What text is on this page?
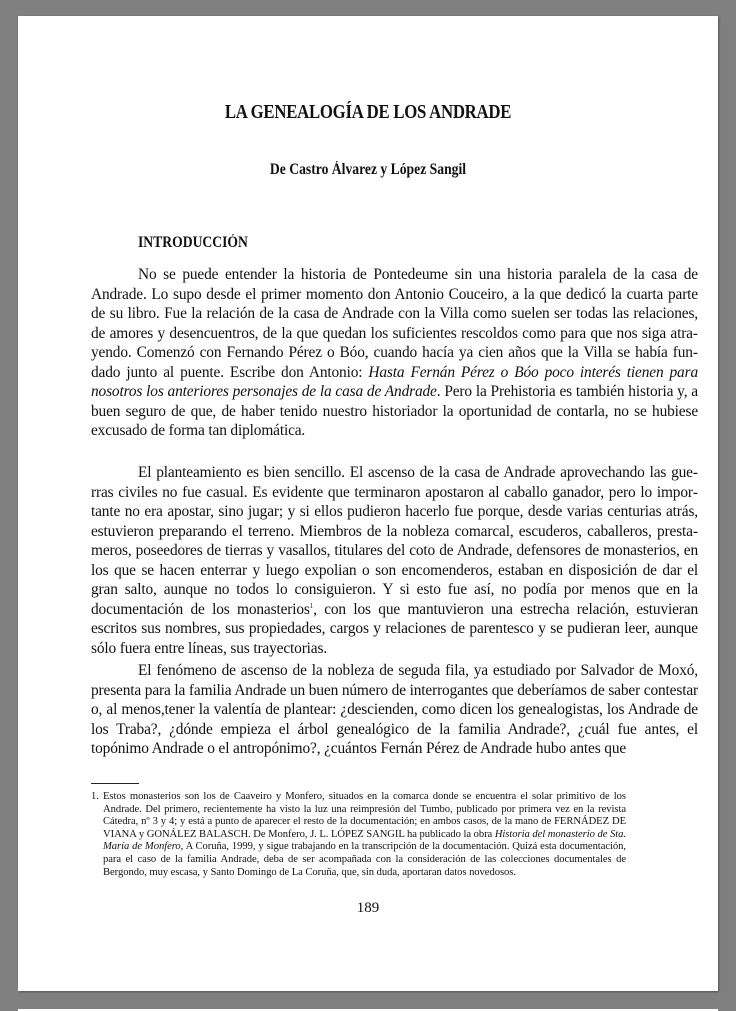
LA GENEALOGÍA DE LOS ANDRADE
De Castro Álvarez y López Sangil
INTRODUCCIÓN

No se puede entender la historia de Pontedeume sin una historia paralela de la casa de Andrade. Lo supo desde el primer momento don Antonio Couceiro, a la que dedicó la cuarta parte de su libro. Fue la relación de la casa de Andrade con la Villa como suelen ser todas las relaciones, de amores y desencuentros, de la que quedan los suficientes rescoldos como para que nos siga atrayendo. Comenzó con Fernando Pérez o Bóo, cuando hacía ya cien años que la Villa se había fundado junto al puente. Escribe don Antonio: Hasta Fernán Pérez o Bóo poco interés tienen para nosotros los anteriores personajes de la casa de Andrade. Pero la Prehistoria es también historia y, a buen seguro de que, de haber tenido nuestro historiador la oportunidad de contarla, no se hubiese excusado de forma tan diplomática.

El planteamiento es bien sencillo. El ascenso de la casa de Andrade aprovechando las guerras civiles no fue casual. Es evidente que terminaron apostaron al caballo ganador, pero lo importante no era apostar, sino jugar; y si ellos pudieron hacerlo fue porque, desde varias centurias atrás, estuvieron preparando el terreno. Miembros de la nobleza comarcal, escuderos, caballeros, prestameros, poseedores de tierras y vasallos, titulares del coto de Andrade, defensores de monasterios, en los que se hacen enterrar y luego expolian o son encomenderos, estaban en disposición de dar el gran salto, aunque no todos lo consiguieron. Y si esto fue así, no podía por menos que en la documentación de los monasterios$^1$, con los que mantuvieron una estrecha relación, estuvieran escritos sus nombres, sus propiedades, cargos y relaciones de parentesco y se pudieran leer, aunque sólo fuera entre líneas, sus trayectorias.

El fenómeno de ascenso de la nobleza de seguda fila, ya estudiado por Salvador de Moxó, presenta para la familia Andrade un buen número de interrogantes que deberíamos de saber contestar o, al menos,tener la valentía de plantear: ¿descienden, como dicen los genealogistas, los Andrade de los Traba?, ¿dónde empieza el árbol genealógico de la familia Andrade?, ¿cuál fue antes, el topónimo Andrade o el antropónimo?, ¿cuántos Fernán Pérez de Andrade hubo antes que

1. Estos monasterios son los de Caaveiro y Monfero, situados en la comarca donde se encuentra el solar primitivo de los Andrade. Del primero, recientemente ha visto la luz una reimpresión del Tumbo, publicado por primera vez en la revista Cátedra, nº 3 y 4; y está a punto de aparecer el resto de la documentación; en ambos casos, de la mano de FERNÁDEZ DE VIANA y GONÁLEZ BALASCH. De Monfero, J. L. LÓPEZ SANGIL ha publicado la obra Historia del monasterio de Sta. María de Monfero, A Coruña, 1999, y sigue trabajando en la transcripción de la documentación. Quizá esta documentación, para el caso de la familia Andrade, deba de ser acompañada con la consideración de las colecciones documentales de Bergondo, muy escasa, y Santo Domingo de La Coruña, que, sin duda, aportaran datos novedosos.
189
